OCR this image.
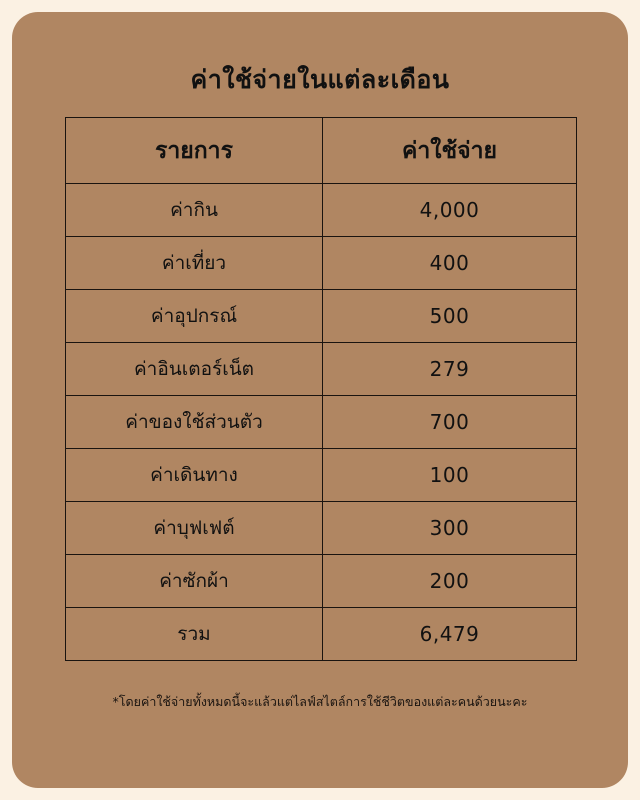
ค่าใช้จ่ายในแต่ละเดือน
รายการ	ค่าใช้จ่าย
ค่ากิน	4,000
ค่าเที่ยว	400
ค่าอุปกรณ์	500
ค่าอินเตอร์เน็ต	279
ค่าของใช้ส่วนตัว	700
ค่าเดินทาง	100
ค่าบุฟเฟต์	300
ค่าซักผ้า	200
รวม	6,479
*โดยค่าใช้จ่ายทั้งหมดนี้จะแล้วแต่ไลฟ์สไตล์การใช้ชีวิตของแต่ละคนด้วยนะคะ
